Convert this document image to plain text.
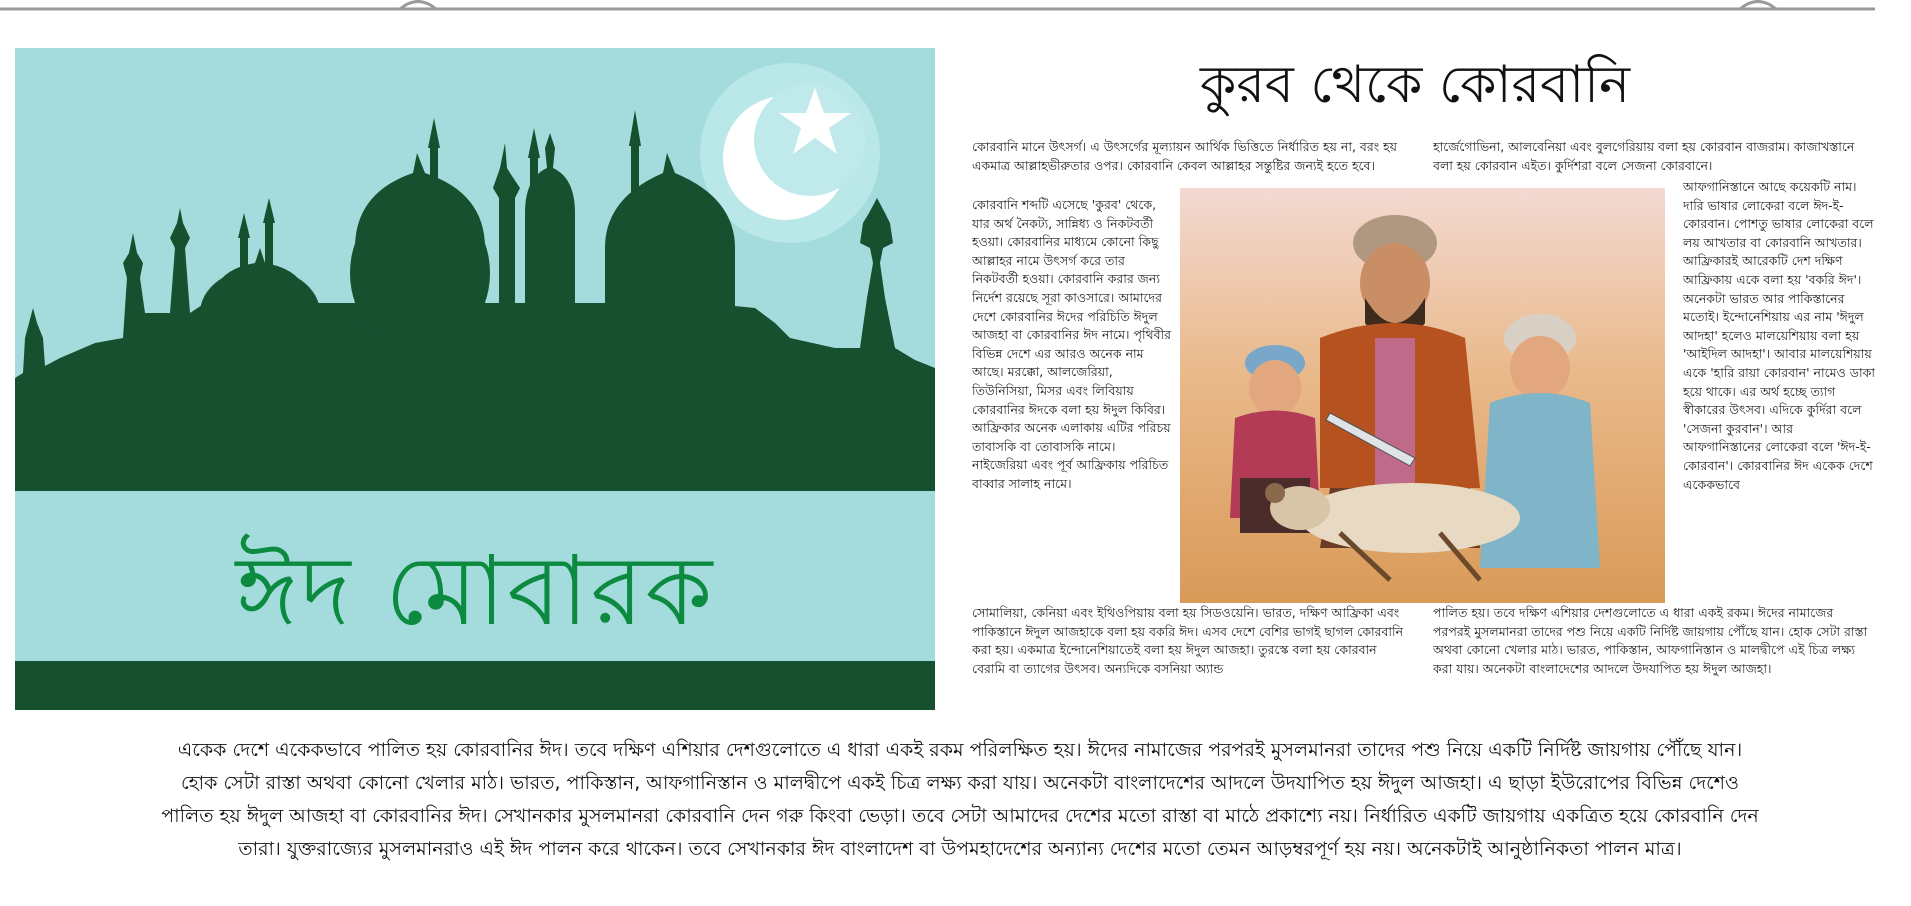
ঈদ মোবারক
কুরব থেকে কোরবানি
কোরবানি মানে উৎসর্গ। এ উৎসর্গের মূল্যায়ন আর্থিক ভিত্তিতে নির্ধারিত হয় না, বরং হয় একমাত্র আল্লাহভীরুতার ওপর। কোরবানি কেবল আল্লাহর সন্তুষ্টির জন্যই হতে হবে।
কোরবানি শব্দটি এসেছে 'কুরব' থেকে, যার অর্থ নৈকট্য, সান্নিধ্য ও নিকটবর্তী হওয়া। কোরবানির মাধ্যমে কোনো কিছু আল্লাহর নামে উৎসর্গ করে তার নিকটবর্তী হওয়া। কোরবানি করার জন্য নির্দেশ রয়েছে সূরা কাওসারে। আমাদের দেশে কোরবানির ঈদের পরিচিতি ঈদুল আজহা বা কোরবানির ঈদ নামে। পৃথিবীর বিভিন্ন দেশে এর আরও অনেক নাম আছে। মরক্কো, আলজেরিয়া, তিউনিসিয়া, মিসর এবং লিবিয়ায় কোরবানির ঈদকে বলা হয় ঈদুল কিবির। আফ্রিকার অনেক এলাকায় এটির পরিচয় তাবাসকি বা তোবাসকি নামে। নাইজেরিয়া এবং পূর্ব আফ্রিকায় পরিচিত বাব্বার সালাহ নামে।
সোমালিয়া, কেনিয়া এবং ইথিওপিয়ায় বলা হয় সিডওয়েনি। ভারত, দক্ষিণ আফ্রিকা এবং পাকিস্তানে ঈদুল আজহাকে বলা হয় বকরি ঈদ। এসব দেশে বেশির ভাগই ছাগল কোরবানি করা হয়। একমাত্র ইন্দোনেশিয়াতেই বলা হয় ঈদুল আজহা। তুরস্কে বলা হয় কোরবান বেরামি বা ত্যাগের উৎসব। অন্যদিকে বসনিয়া অ্যান্ড
হার্জেগোভিনা, আলবেনিয়া এবং বুলগেরিয়ায় বলা হয় কোরবান বাজরাম। কাজাখস্তানে বলা হয় কোরবান এইত। কুর্দিশরা বলে সেজনা কোরবানে।
আফগানিস্তানে আছে কয়েকটি নাম। দারি ভাষার লোকেরা বলে ঈদ-ই-কোরবান। পোশতু ভাষার লোকেরা বলে লয় আখতার বা কোরবানি আখতার। আফ্রিকারই আরেকটি দেশ দক্ষিণ আফ্রিকায় একে বলা হয় 'বকরি ঈদ'। অনেকটা ভারত আর পাকিস্তানের মতোই। ইন্দোনেশিয়ায় এর নাম 'ঈদুল আদহা' হলেও মালয়েশিয়ায় বলা হয় 'আইদিল আদহা'। আবার মালয়েশিয়ায় একে 'হারি রায়া কোরবান' নামেও ডাকা হয়ে থাকে। এর অর্থ হচ্ছে ত্যাগ স্বীকারের উৎসব। এদিকে কুর্দিরা বলে 'সেজনা কুরবান'। আর আফগানিস্তানের লোকেরা বলে 'ঈদ-ই-কোরবান'। কোরবানির ঈদ একেক দেশে একেকভাবে
পালিত হয়। তবে দক্ষিণ এশিয়ার দেশগুলোতে এ ধারা একই রকম। ঈদের নামাজের পরপরই মুসলমানরা তাদের পশু নিয়ে একটি নির্দিষ্ট জায়গায় পৌঁছে যান। হোক সেটা রাস্তা অথবা কোনো খেলার মাঠ। ভারত, পাকিস্তান, আফগানিস্তান ও মালদ্বীপে এই চিত্র লক্ষ্য করা যায়। অনেকটা বাংলাদেশের আদলে উদযাপিত হয় ঈদুল আজহা।
একেক দেশে একেকভাবে পালিত হয় কোরবানির ঈদ। তবে দক্ষিণ এশিয়ার দেশগুলোতে এ ধারা একই রকম পরিলক্ষিত হয়। ঈদের নামাজের পরপরই মুসলমানরা তাদের পশু নিয়ে একটি নির্দিষ্ট জায়গায় পৌঁছে যান। হোক সেটা রাস্তা অথবা কোনো খেলার মাঠ। ভারত, পাকিস্তান, আফগানিস্তান ও মালদ্বীপে একই চিত্র লক্ষ্য করা যায়। অনেকটা বাংলাদেশের আদলে উদযাপিত হয় ঈদুল আজহা। এ ছাড়া ইউরোপের বিভিন্ন দেশেও পালিত হয় ঈদুল আজহা বা কোরবানির ঈদ। সেখানকার মুসলমানরা কোরবানি দেন গরু কিংবা ভেড়া। তবে সেটা আমাদের দেশের মতো রাস্তা বা মাঠে প্রকাশ্যে নয়। নির্ধারিত একটি জায়গায় একত্রিত হয়ে কোরবানি দেন তারা। যুক্তরাজ্যের মুসলমানরাও এই ঈদ পালন করে থাকেন। তবে সেখানকার ঈদ বাংলাদেশ বা উপমহাদেশের অন্যান্য দেশের মতো তেমন আড়ম্বরপূর্ণ হয় নয়। অনেকটাই আনুষ্ঠানিকতা পালন মাত্র।
